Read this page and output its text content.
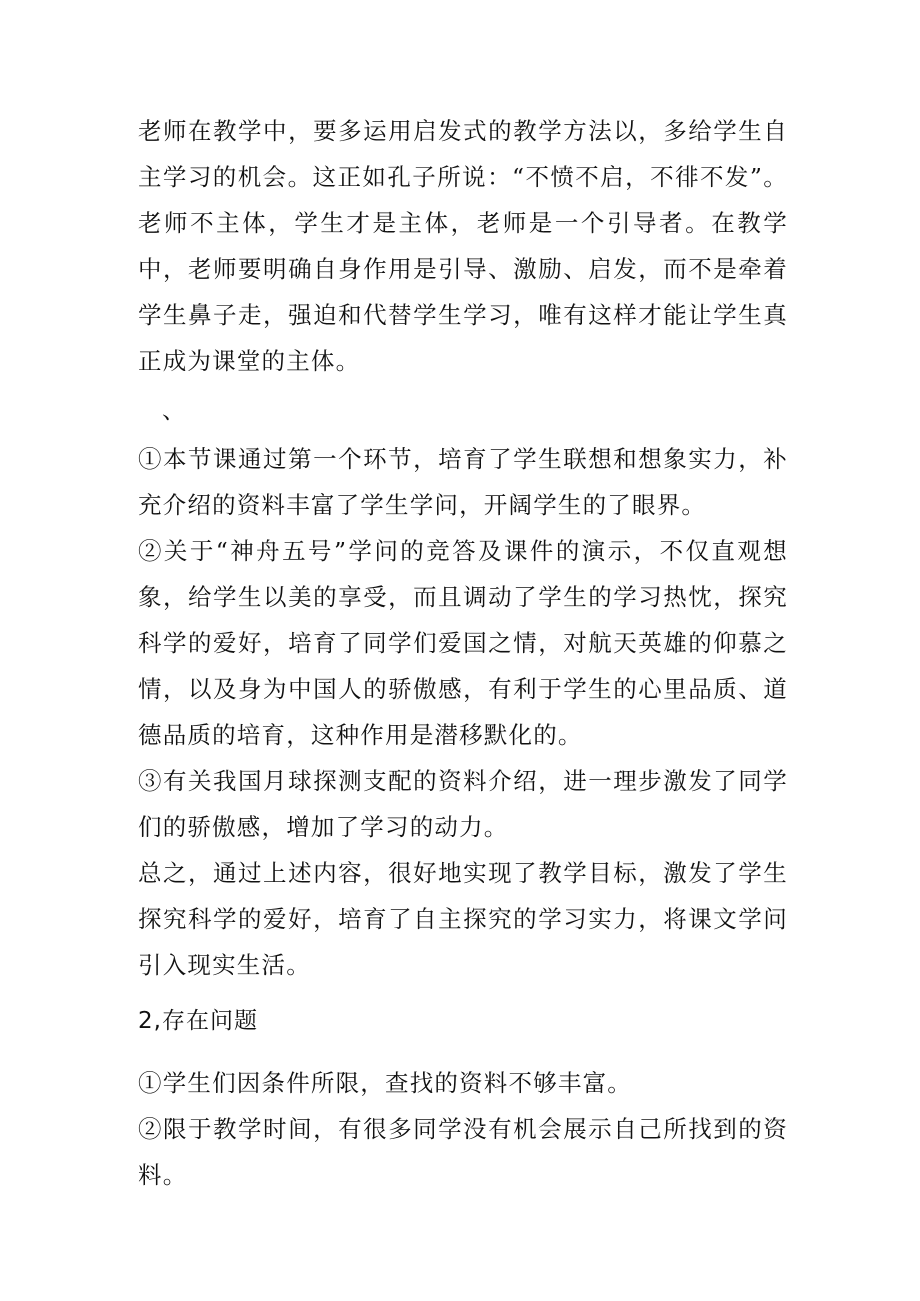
老师在教学中，要多运用启发式的教学方法以，多给学生自主学习的机会。这正如孔子所说：“不愤不启，不徘不发”。老师不主体，学生才是主体，老师是一个引导者。在教学中，老师要明确自身作用是引导、激励、启发，而不是牵着学生鼻子走，强迫和代替学生学习，唯有这样才能让学生真正成为课堂的主体。

、

①本节课通过第一个环节，培育了学生联想和想象实力，补充介绍的资料丰富了学生学问，开阔学生的了眼界。

②关于“神舟五号”学问的竞答及课件的演示，不仅直观想象，给学生以美的享受，而且调动了学生的学习热忱，探究科学的爱好，培育了同学们爱国之情，对航天英雄的仰慕之情，以及身为中国人的骄傲感，有利于学生的心里品质、道德品质的培育，这种作用是潜移默化的。

③有关我国月球探测支配的资料介绍，进一理步激发了同学们的骄傲感，增加了学习的动力。

总之，通过上述内容，很好地实现了教学目标，激发了学生探究科学的爱好，培育了自主探究的学习实力，将课文学问引入现实生活。

2,存在问题

①学生们因条件所限，查找的资料不够丰富。

②限于教学时间，有很多同学没有机会展示自己所找到的资料。
